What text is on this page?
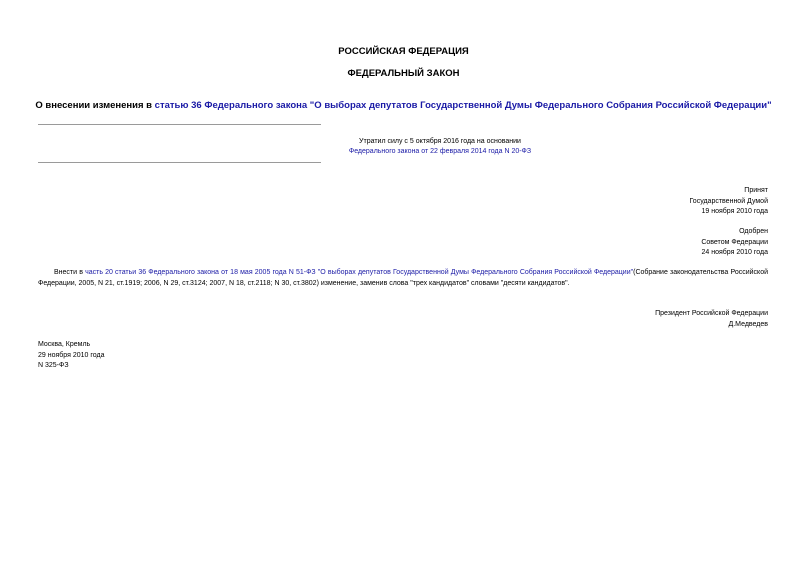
РОССИЙСКАЯ ФЕДЕРАЦИЯ
ФЕДЕРАЛЬНЫЙ ЗАКОН
О внесении изменения в статью 36 Федерального закона "О выборах депутатов Государственной Думы Федерального Собрания Российской Федерации"
Утратил силу с 5 октября 2016 года на основании
Федерального закона от 22 февраля 2014 года N 20-ФЗ
Принят
Государственной Думой
19 ноября 2010 года
Одобрен
Советом Федерации
24 ноября 2010 года
Внести в часть 20 статьи 36 Федерального закона от 18 мая 2005 года N 51-ФЗ "О выборах депутатов Государственной Думы Федерального Собрания Российской Федерации"(Собрание законодательства Российской Федерации, 2005, N 21, ст.1919; 2006, N 29, ст.3124; 2007, N 18, ст.2118; N 30, ст.3802) изменение, заменив слова "трех кандидатов" словами "десяти кандидатов".
Президент Российской Федерации
Д.Медведев
Москва, Кремль
29 ноября 2010 года
N 325-ФЗ
